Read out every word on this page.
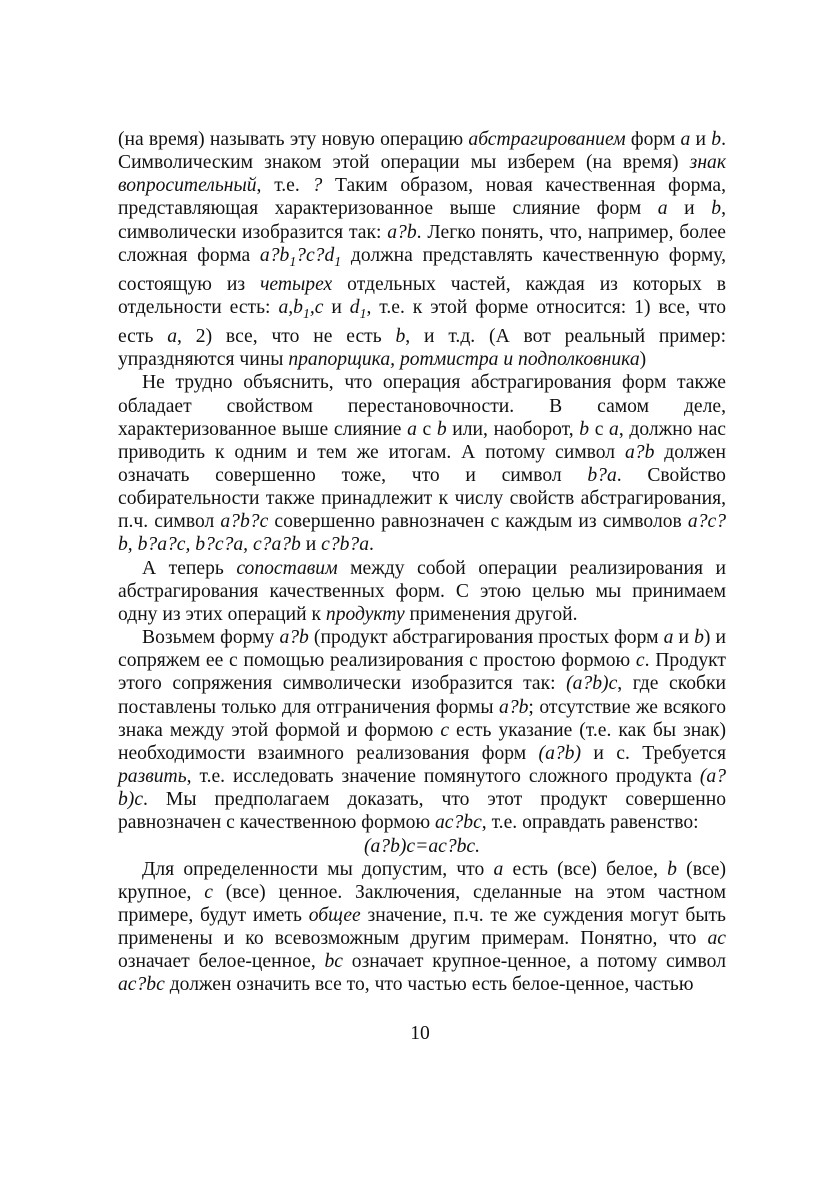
(на время) называть эту новую операцию абстрагированием форм а и b. Символическим знаком этой операции мы изберем (на время) знак вопросительный, т.е. ? Таким образом, новая качественная форма, представляющая характеризованное выше слияние форм а и b, символически изобразится так: a?b. Легко понять, что, например, более сложная форма $a?b_1?c?d_1$ должна представлять качественную форму, состоящую из четырех отдельных частей, каждая из которых в отдельности есть: $a,b_1,c$ и $d_1$, т.е. к этой форме относится: 1) все, что есть а, 2) все, что не есть b, и т.д. (А вот реальный пример: упраздняются чины прапорщика, ротмистра и подполковника)

Не трудно объяснить, что операция абстрагирования форм также обладает свойством перестановочности. В самом деле, характеризованное выше слияние а с b или, наоборот, b с а, должно нас приводить к одним и тем же итогам. А потому символ a?b должен означать совершенно тоже, что и символ b?a. Свойство собирательности также принадлежит к числу свойств абстрагирования, п.ч. символ a?b?c совершенно равнозначен с каждым из символов a?c?b, b?a?c, b?c?a, c?a?b и c?b?a.

А теперь сопоставим между собой операции реализирования и абстрагирования качественных форм. С этою целью мы принимаем одну из этих операций к продукту применения другой.

Возьмем форму a?b (продукт абстрагирования простых форм а и b) и сопряжем ее с помощью реализирования с простою формою с. Продукт этого сопряжения символически изобразится так: (a?b)c, где скобки поставлены только для отграничения формы a?b; отсутствие же всякого знака между этой формой и формою с есть указание (т.е. как бы знак) необходимости взаимного реализования форм (a?b) и с. Требуется развить, т.е. исследовать значение помянутого сложного продукта (a?b)c. Мы предполагаем доказать, что этот продукт совершенно равнозначен с качественною формою ac?bc, т.е. оправдать равенство:

(a?b)c=ac?bc.

Для определенности мы допустим, что а есть (все) белое, b (все) крупное, с (все) ценное. Заключения, сделанные на этом частном примере, будут иметь общее значение, п.ч. те же суждения могут быть применены и ко всевозможным другим примерам. Понятно, что ac означает белое-ценное, bc означает крупное-ценное, а потому символ ac?bc должен означить все то, что частью есть белое-ценное, частью

10
